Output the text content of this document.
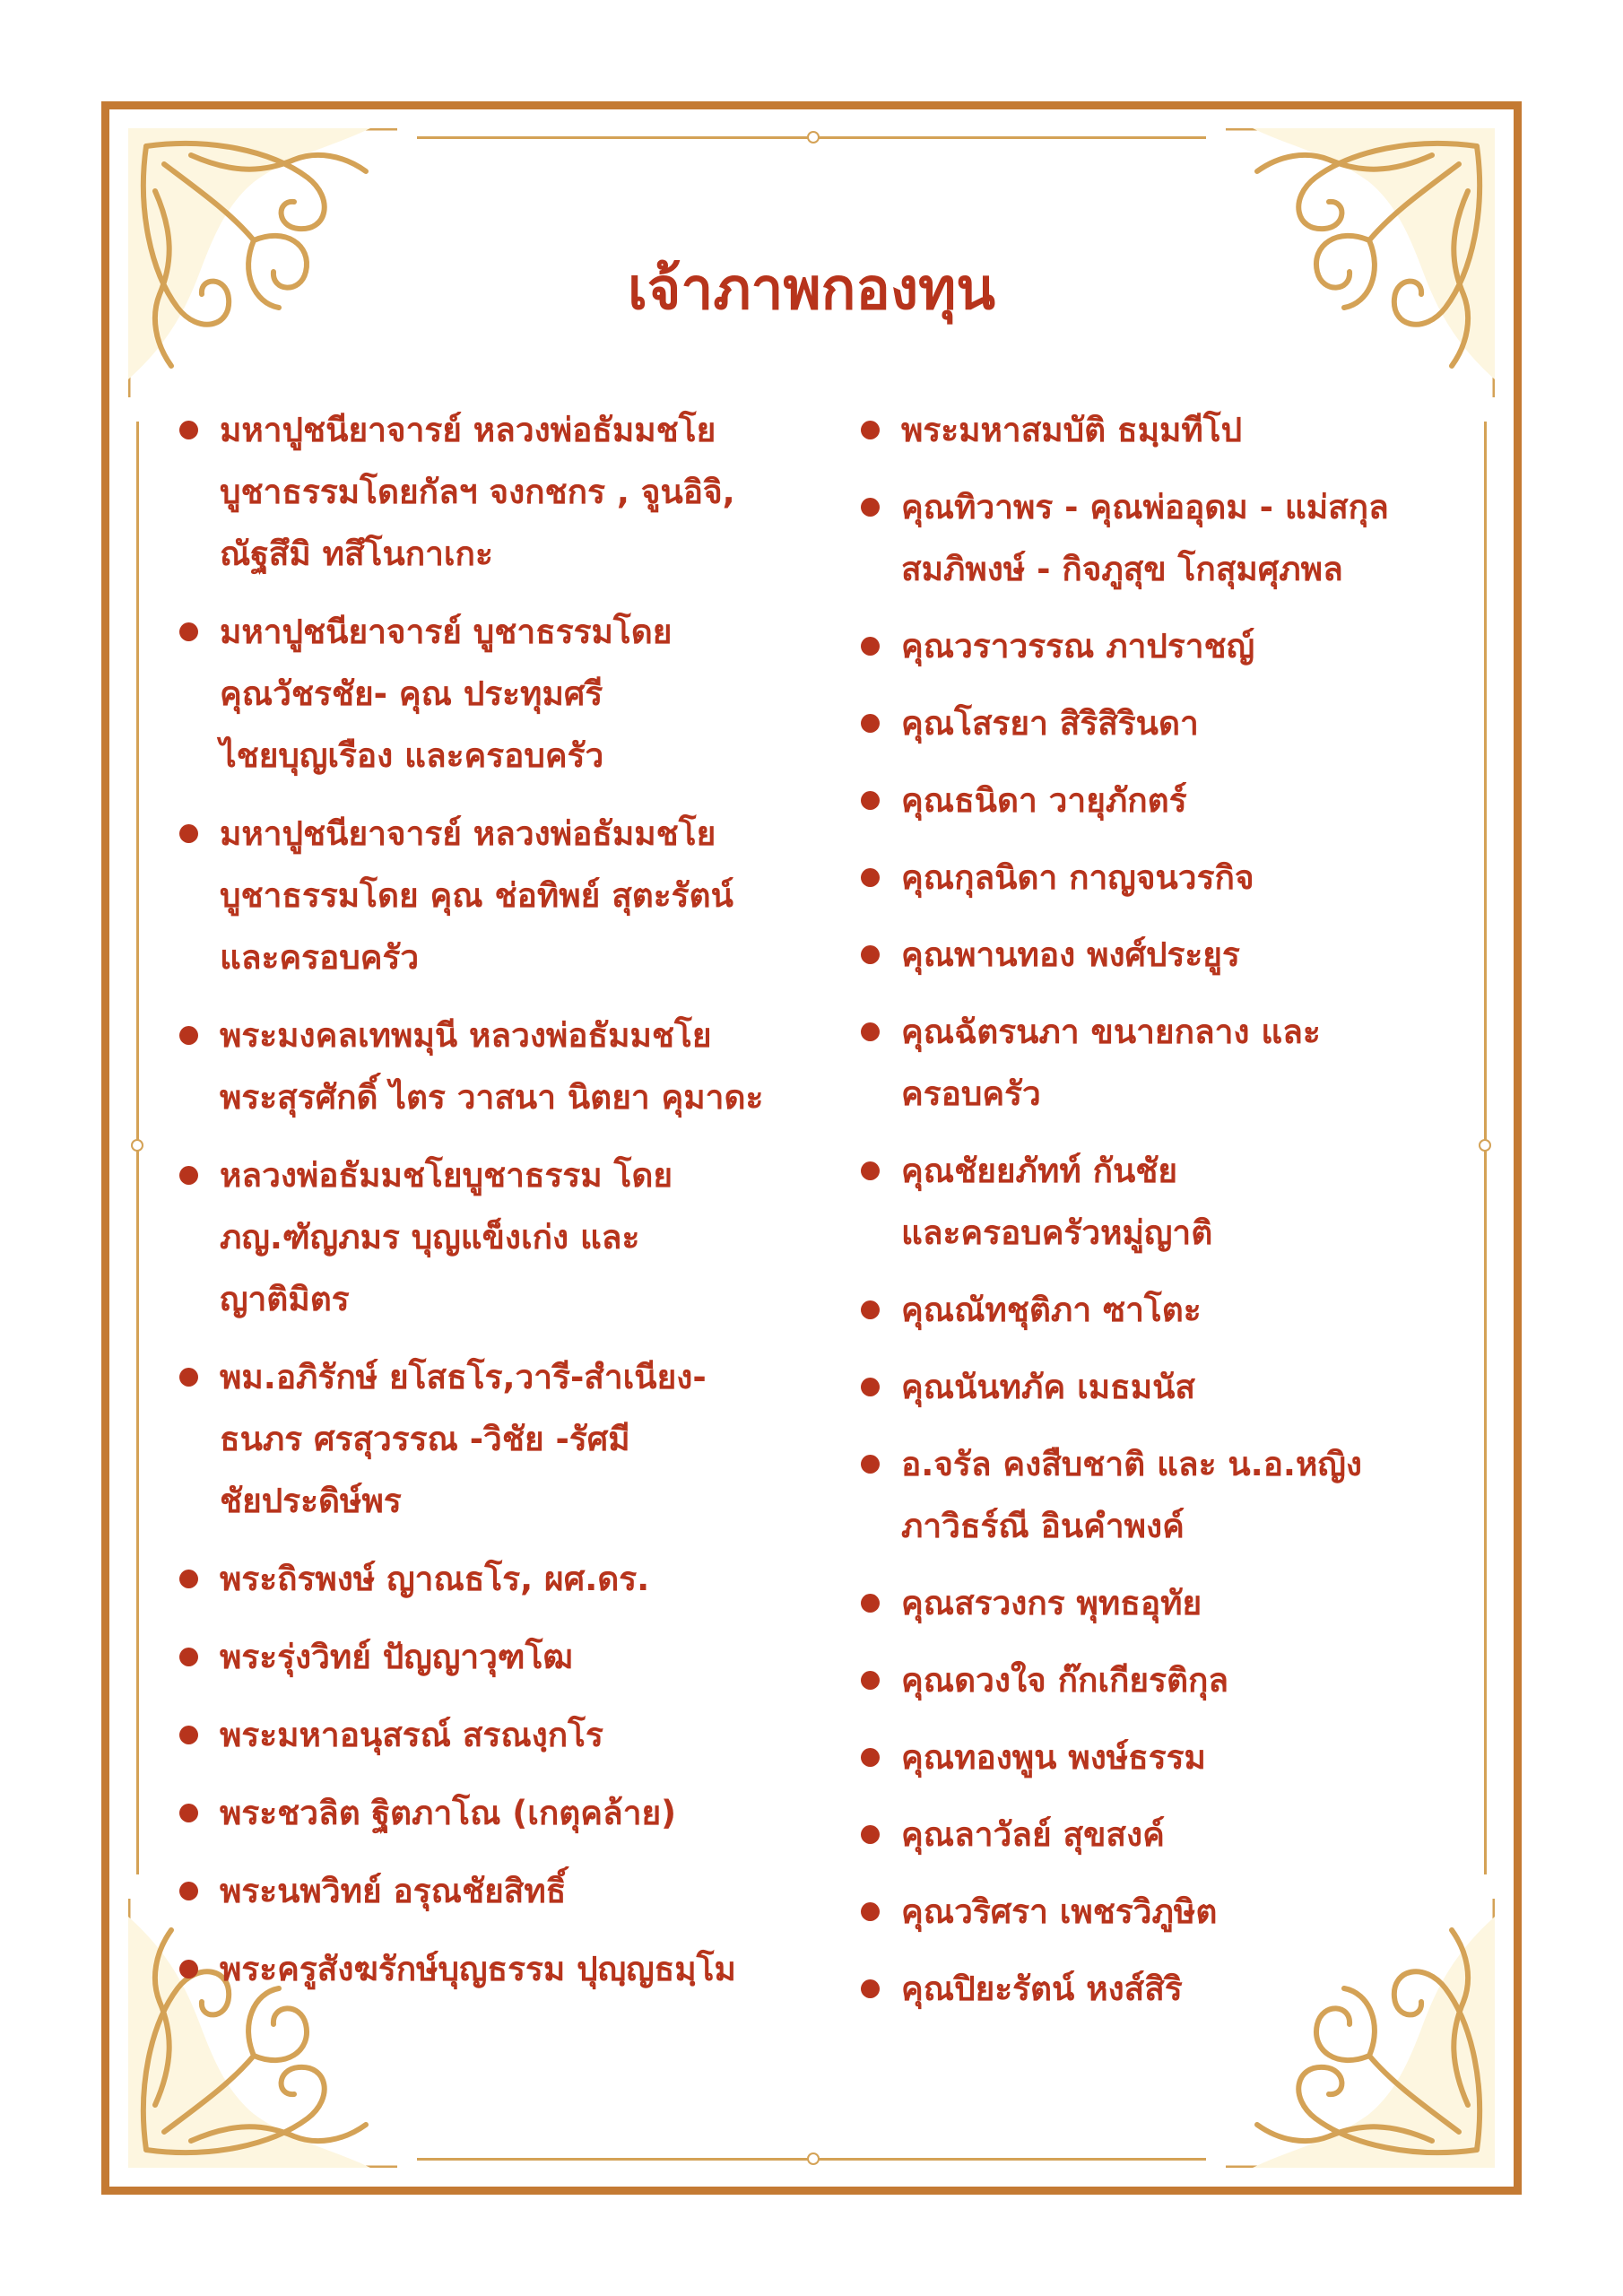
เจ้าภาพกองทุน
มหาปูชนียาจารย์ หลวงพ่อธัมมชโย
บูชาธรรมโดยกัลฯ จงกชกร , จูนอิจิ,
ณัฐสึมิ ทสึโนกาเกะ
มหาปูชนียาจารย์ บูชาธรรมโดย
คุณวัชรชัย- คุณ ประทุมศรี
ไชยบุญเรือง และครอบครัว
มหาปูชนียาจารย์ หลวงพ่อธัมมชโย
บูชาธรรมโดย คุณ ช่อทิพย์ สุตะรัตน์
และครอบครัว
พระมงคลเทพมุนี หลวงพ่อธัมมชโย
พระสุรศักดิ์ ไตร วาสนา นิตยา คุมาดะ
หลวงพ่อธัมมชโยบูชาธรรม โดย
ภญ.ฑัญภมร บุญแข็งเก่ง และ
ญาติมิตร
พม.อภิรักษ์ ยโสธโร,วารี-สำเนียง-
ธนภร ศรสุวรรณ -วิชัย -รัศมี
ชัยประดิษ์พร
พระถิรพงษ์ ญาณธโร, ผศ.ดร.
พระรุ่งวิทย์ ปัญญาวุฑโฒ
พระมหาอนุสรณ์ สรณงฺกโร
พระชวลิต ฐิตภาโณ (เกตุคล้าย)
พระนพวิทย์ อรุณชัยสิทธิ์
พระครูสังฆรักษ์บุญธรรม ปุญฺญธมฺโม
พระมหาสมบัติ ธมฺมทีโป
คุณทิวาพร - คุณพ่ออุดม - แม่สกุล
สมภิพงษ์ - กิจภูสุข โกสุมศุภพล
คุณวราวรรณ ภาปราชญ์
คุณโสรยา สิริสิรินดา
คุณธนิดา วายุภักตร์
คุณกุลนิดา กาญจนวรกิจ
คุณพานทอง พงศ์ประยูร
คุณฉัตรนภา ขนายกลาง และ
ครอบครัว
คุณชัยยภัทท์ กันชัย
และครอบครัวหมู่ญาติ
คุณณัทชุติภา ซาโตะ
คุณนันทภัค เมธมนัส
อ.จรัล คงสืบชาติ และ น.อ.หญิง
ภาวิธร์ณี อินคำพงค์
คุณสรวงกร พุทธอุทัย
คุณดวงใจ ก๊กเกียรติกุล
คุณทองพูน พงษ์ธรรม
คุณลาวัลย์ สุขสงค์
คุณวริศรา เพชรวิภูษิต
คุณปิยะรัตน์ หงส์สิริ
